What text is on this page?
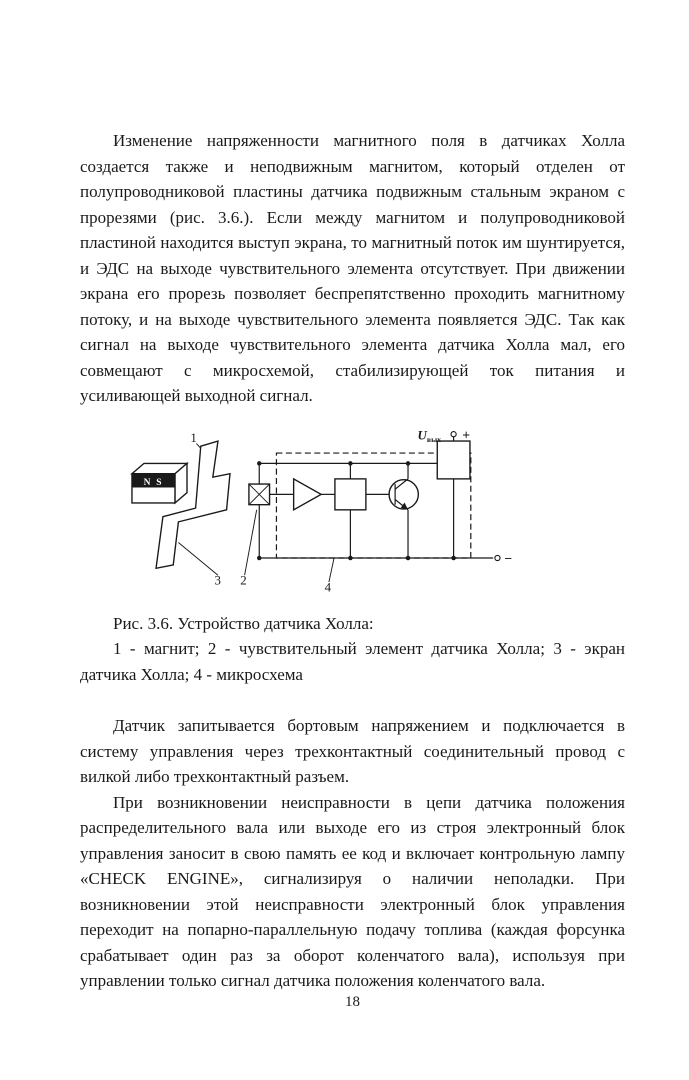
Изменение напряженности магнитного поля в датчиках Холла создается также и неподвижным магнитом, который отделен от полупроводниковой пластины датчика подвижным стальным экраном с прорезями (рис. 3.6.). Если между магнитом и полупроводниковой пластиной находится выступ экрана, то магнитный поток им шунтируется, и ЭДС на выходе чувствительного элемента отсутствует. При движении экрана его прорезь позволяет беспрепятственно проходить магнитному потоку, и на выходе чувствительного элемента появляется ЭДС. Так как сигнал на выходе чувствительного элемента датчика Холла мал, его совмещают с микросхемой, стабилизирующей ток питания и усиливающей выходной сигнал.

1
N S
U вых +
−
3 2	4

Рис. 3.6. Устройство датчика Холла:

1 - магнит; 2 - чувствительный элемент датчика Холла; 3 - экран датчика Холла; 4 - микросхема

Датчик запитывается бортовым напряжением и подключается в систему управления через трехконтактный соединительный провод с вилкой либо трехконтактный разъем.

При возникновении неисправности в цепи датчика положения распределительного вала или выходе его из строя электронный блок управления заносит в свою память ее код и включает контрольную лампу «CHECK ENGINE», сигнализируя о наличии неполадки. При возникновении этой неисправности электронный блок управления переходит на попарно-параллельную подачу топлива (каждая форсунка срабатывает один раз за оборот коленчатого вала), используя при управлении только сигнал датчика положения коленчатого вала.

18
